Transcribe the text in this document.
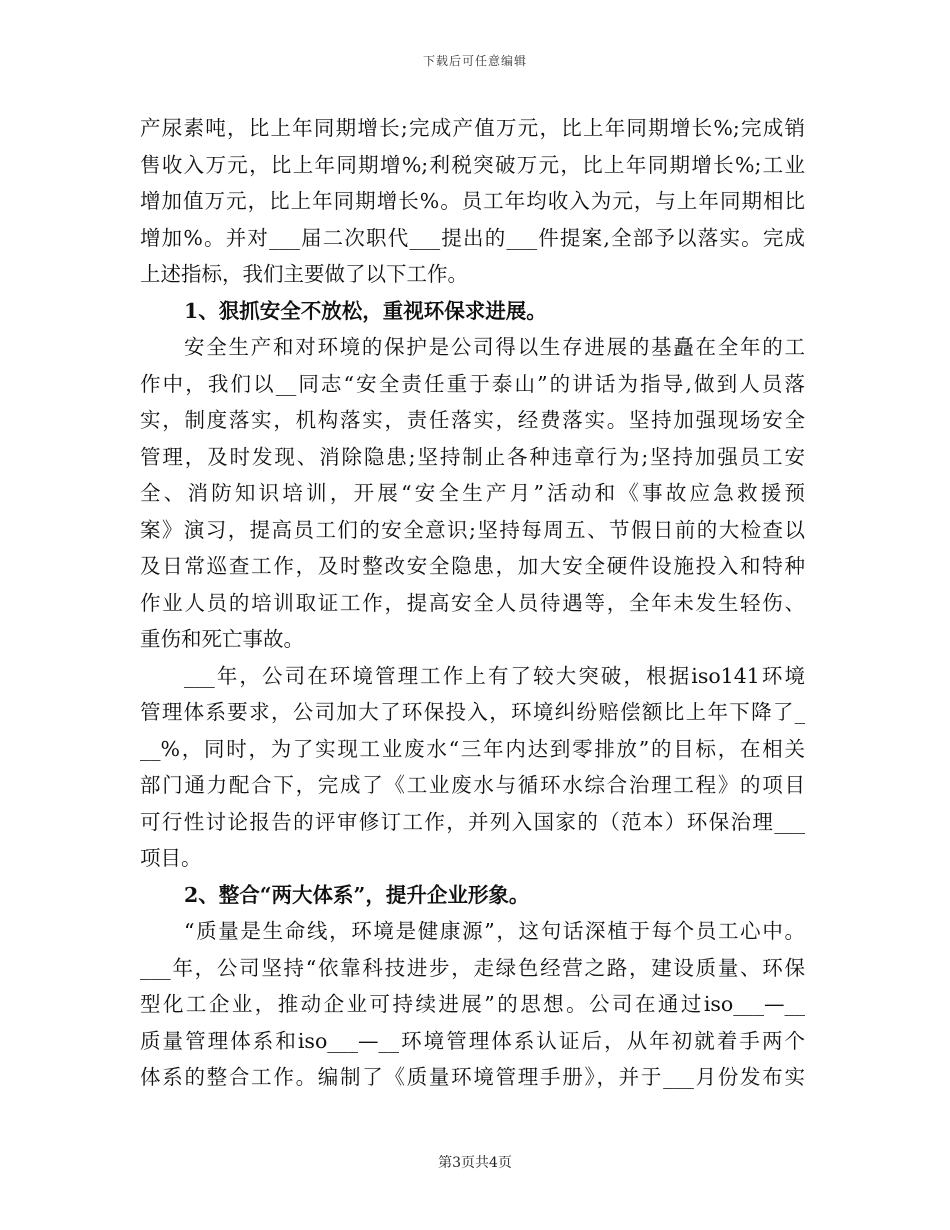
下载后可任意编辑
产尿素吨，比上年同期增长;完成产值万元，比上年同期增长%;完成销
售收入万元，比上年同期增%;利税突破万元，比上年同期增长%;工业
增加值万元，比上年同期增长%。员工年均收入为元，与上年同期相比
增加%。并对___届二次职代___提出的___件提案,全部予以落实。完成
上述指标，我们主要做了以下工作。
1、狠抓安全不放松，重视环保求进展。
安全生产和对环境的保护是公司得以生存进展的基矗在全年的工
作中，我们以__同志“安全责任重于泰山”的讲话为指导,做到人员落
实，制度落实，机构落实，责任落实，经费落实。坚持加强现场安全
管理，及时发现、消除隐患;坚持制止各种违章行为;坚持加强员工安
全、消防知识培训，开展“安全生产月”活动和《事故应急救援预
案》演习，提高员工们的安全意识;坚持每周五、节假日前的大检查以
及日常巡查工作，及时整改安全隐患，加大安全硬件设施投入和特种
作业人员的培训取证工作，提高安全人员待遇等，全年未发生轻伤、
重伤和死亡事故。
___年，公司在环境管理工作上有了较大突破，根据iso141环境
管理体系要求，公司加大了环保投入，环境纠纷赔偿额比上年下降了_
__%，同时，为了实现工业废水“三年内达到零排放”的目标，在相关
部门通力配合下，完成了《工业废水与循环水综合治理工程》的项目
可行性讨论报告的评审修订工作，并列入国家的（范本）环保治理___
项目。
2、整合“两大体系”，提升企业形象。
“质量是生命线，环境是健康源”，这句话深植于每个员工心中。
___年，公司坚持“依靠科技进步，走绿色经营之路，建设质量、环保
型化工企业，推动企业可持续进展”的思想。公司在通过iso___—__
质量管理体系和iso___—__环境管理体系认证后，从年初就着手两个
体系的整合工作。编制了《质量环境管理手册》，并于___月份发布实
第3页共4页
